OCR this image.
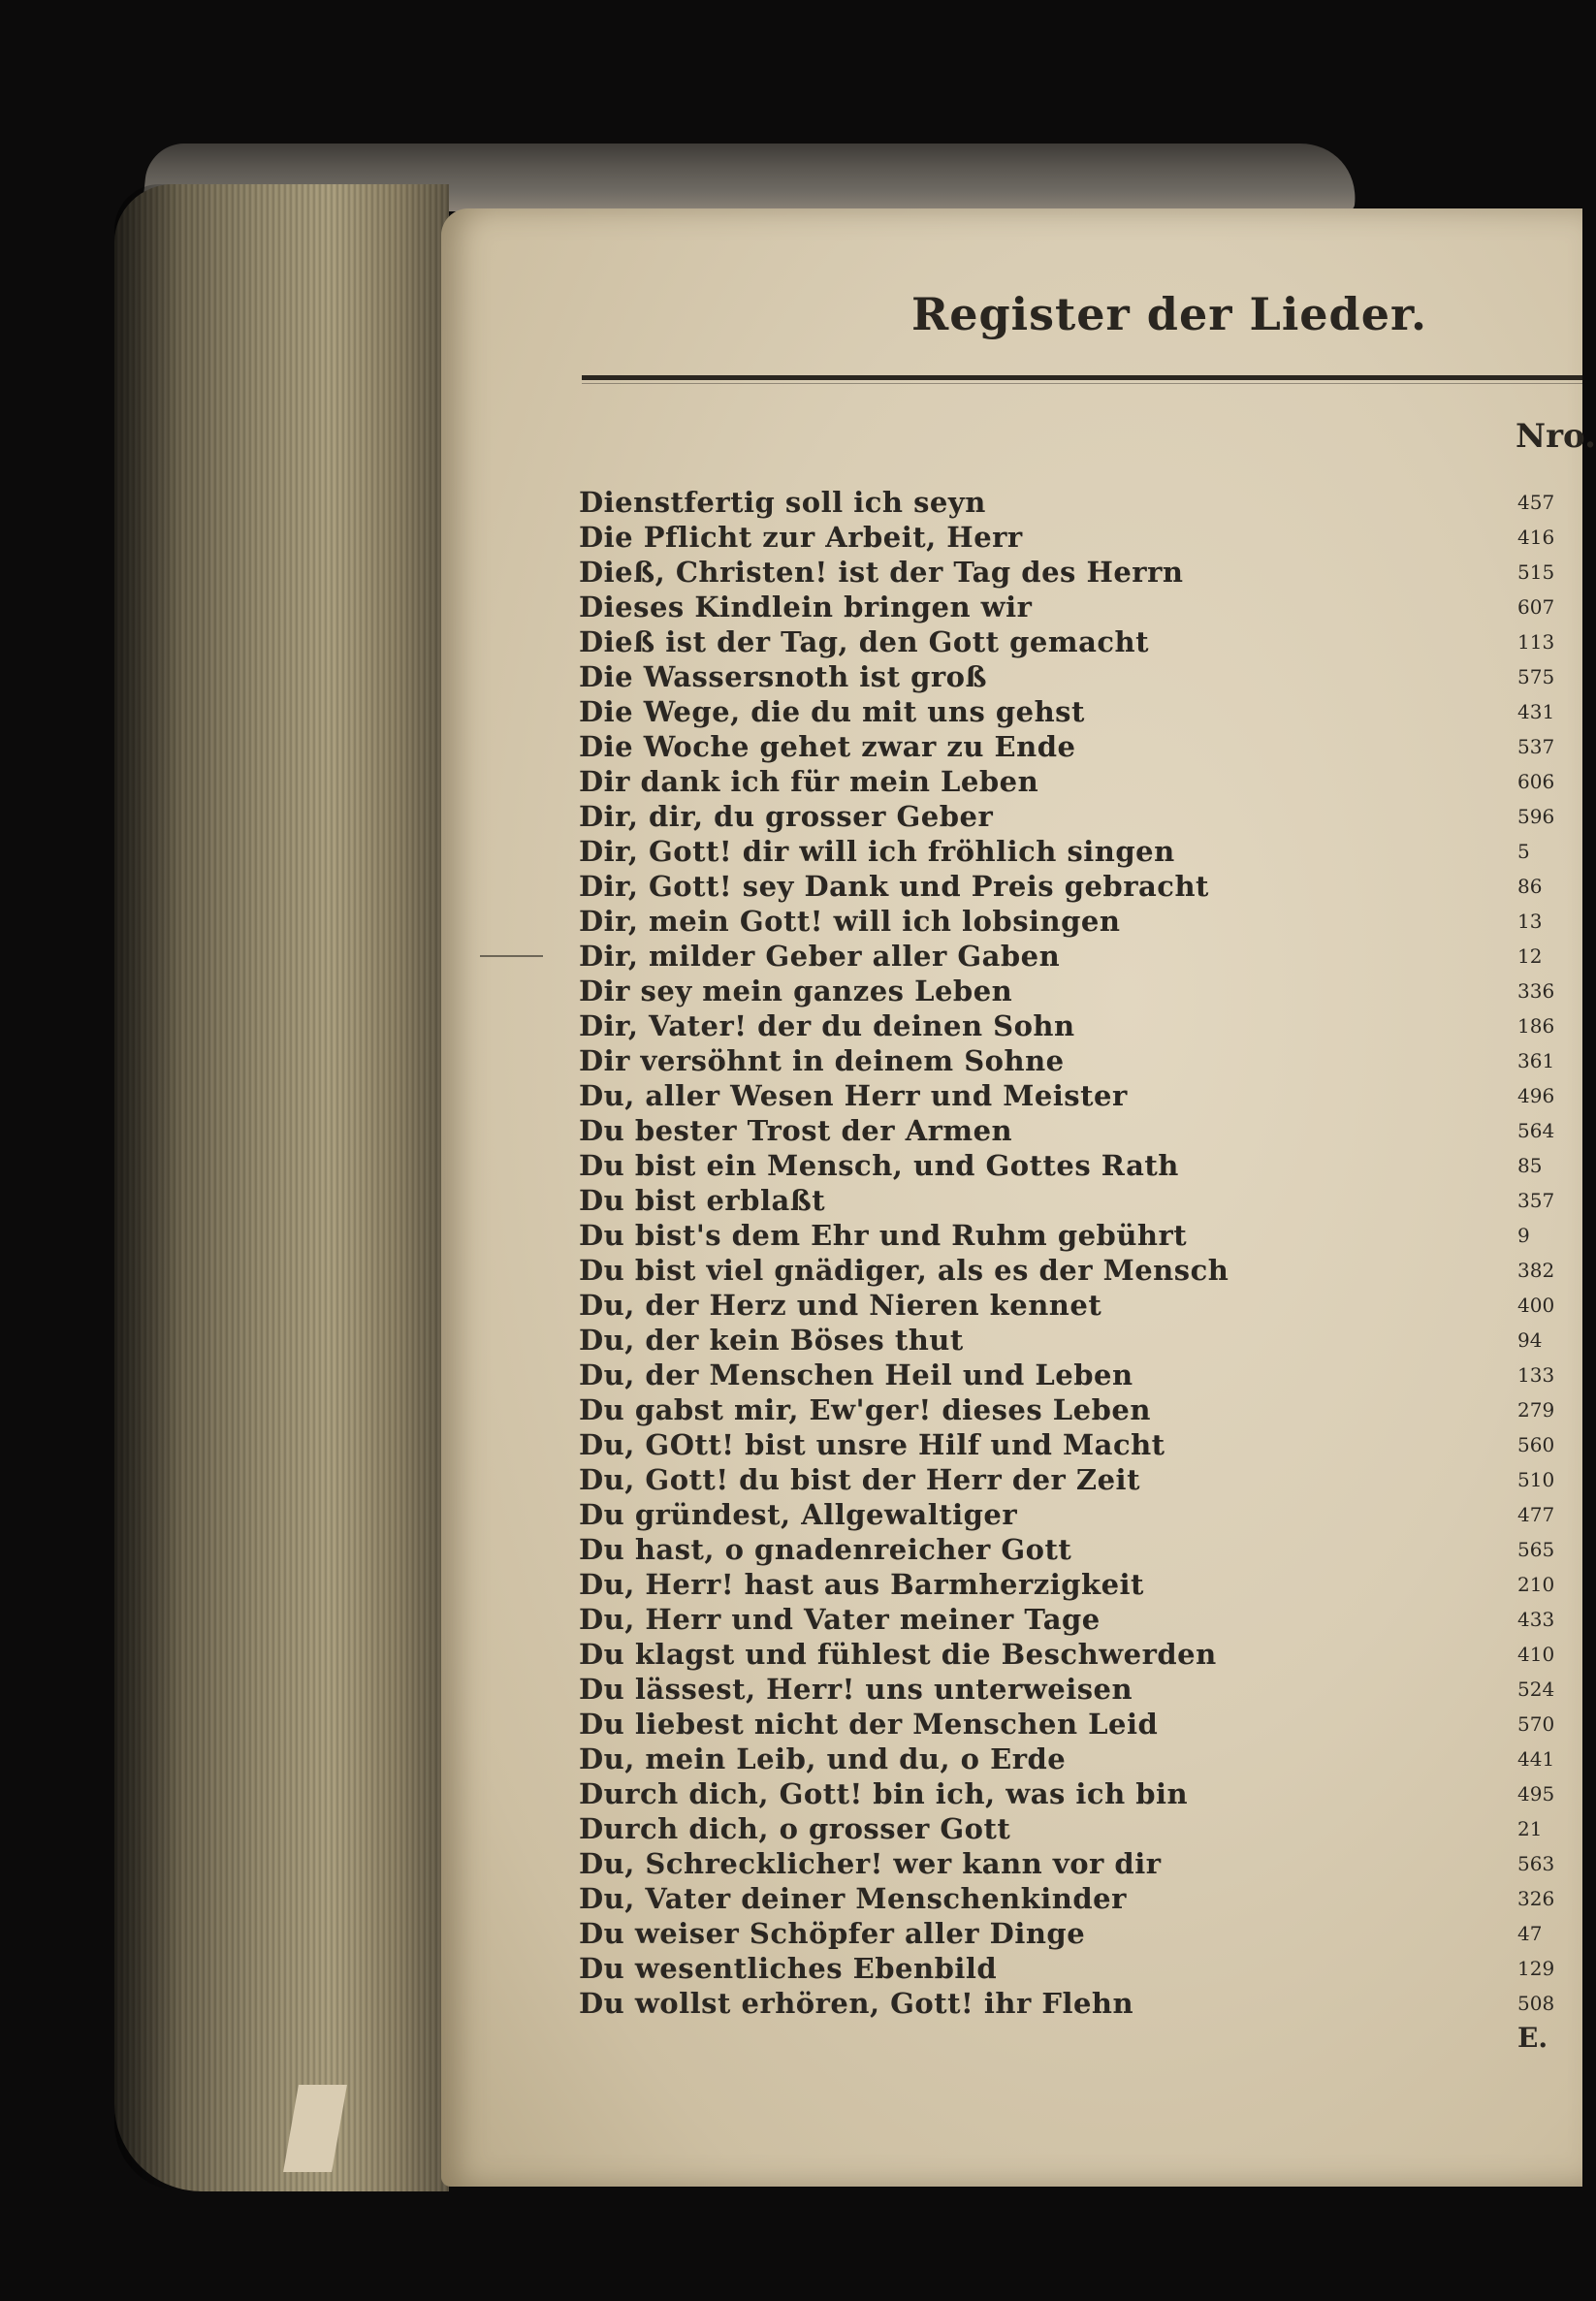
Register der Lieder.
Nro.
Dienstfertig soll ich seyn
Die Pflicht zur Arbeit, Herr
Dieß, Christen! ist der Tag des Herrn
Dieses Kindlein bringen wir
Dieß ist der Tag, den Gott gemacht
Die Wassersnoth ist groß
Die Wege, die du mit uns gehst
Die Woche gehet zwar zu Ende
Dir dank ich für mein Leben
Dir, dir, du grosser Geber
Dir, Gott! dir will ich fröhlich singen
Dir, Gott! sey Dank und Preis gebracht
Dir, mein Gott! will ich lobsingen
Dir, milder Geber aller Gaben
Dir sey mein ganzes Leben
Dir, Vater! der du deinen Sohn
Dir versöhnt in deinem Sohne
Du, aller Wesen Herr und Meister
Du bester Trost der Armen
Du bist ein Mensch, und Gottes Rath
Du bist erblaßt
Du bist's dem Ehr und Ruhm gebührt
Du bist viel gnädiger, als es der Mensch
Du, der Herz und Nieren kennet
Du, der kein Böses thut
Du, der Menschen Heil und Leben
Du gabst mir, Ew'ger! dieses Leben
Du, GOtt! bist unsre Hilf und Macht
Du, Gott! du bist der Herr der Zeit
Du gründest, Allgewaltiger
Du hast, o gnadenreicher Gott
Du, Herr! hast aus Barmherzigkeit
Du, Herr und Vater meiner Tage
Du klagst und fühlest die Beschwerden
Du lässest, Herr! uns unterweisen
Du liebest nicht der Menschen Leid
Du, mein Leib, und du, o Erde
Durch dich, Gott! bin ich, was ich bin
Durch dich, o grosser Gott
Du, Schrecklicher! wer kann vor dir
Du, Vater deiner Menschenkinder
Du weiser Schöpfer aller Dinge
Du wesentliches Ebenbild
Du wollst erhören, Gott! ihr Flehn
457
416
515
607
113
575
431
537
606
596
5
86
13
12
336
186
361
496
564
85
357
9
382
400
94
133
279
560
510
477
565
210
433
410
524
570
441
495
21
563
326
47
129
508
E.
